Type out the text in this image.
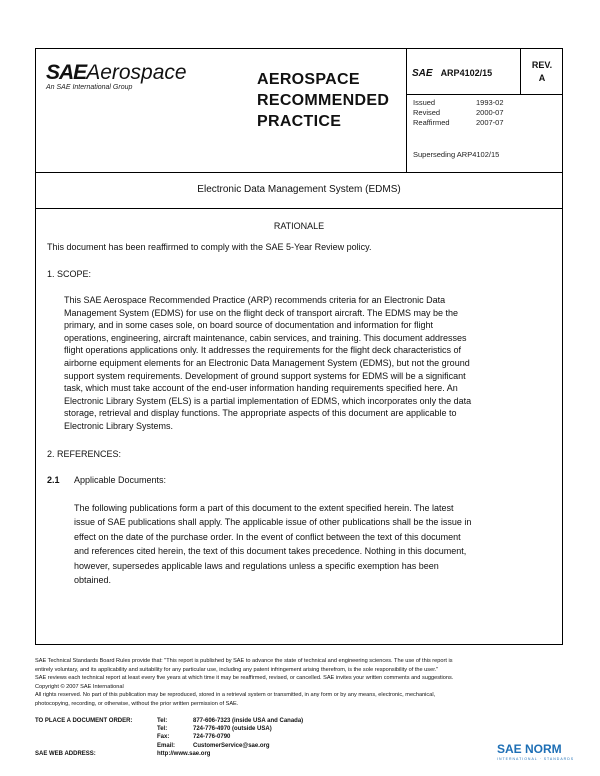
SAEAerospace
An SAE International Group	AEROSPACE
RECOMMENDED
PRACTICE
SAE ARP4102/15
REV.
A
Issued	1993-02
Revised	2000-07
Reaffirmed	2007-07
Superseding ARP4102/15
Electronic Data Management System (EDMS)
RATIONALE
This document has been reaffirmed to comply with the SAE 5-Year Review policy.
1. SCOPE:
This SAE Aerospace Recommended Practice (ARP) recommends criteria for an Electronic Data
Management System (EDMS) for use on the flight deck of transport aircraft. The EDMS may be the
primary, and in some cases sole, on board source of documentation and information for flight
operations, engineering, aircraft maintenance, cabin services, and training. This document addresses
flight operations applications only. It addresses the requirements for the flight deck characteristics of
airborne equipment elements for an Electronic Data Management System (EDMS), but not the ground
support system requirements. Development of ground support systems for EDMS will be a significant
task, which must take account of the end-user information handing requirements specified here. An
Electronic Library System (ELS) is a partial implementation of EDMS, which incorporates only the data
storage, retrieval and display functions. The appropriate aspects of this document are applicable to
Electronic Library Systems.
2. REFERENCES:
2.1 Applicable Documents:
The following publications form a part of this document to the extent specified herein. The latest
issue of SAE publications shall apply. The applicable issue of other publications shall be the issue in
effect on the date of the purchase order. In the event of conflict between the text of this document
and references cited herein, the text of this document takes precedence. Nothing in this document,
however, supersedes applicable laws and regulations unless a specific exemption has been
obtained.
SAE Technical Standards Board Rules provide that: "This report is published by SAE to advance the state of technical and engineering sciences. The use of this report is
entirely voluntary, and its applicability and suitability for any particular use, including any patent infringement arising therefrom, is the sole responsibility of the user."
SAE reviews each technical report at least every five years at which time it may be reaffirmed, revised, or cancelled. SAE invites your written comments and suggestions.
Copyright © 2007 SAE International
All rights reserved. No part of this publication may be reproduced, stored in a retrieval system or transmitted, in any form or by any means, electronic, mechanical,
photocopying, recording, or otherwise, without the prior written permission of SAE.
TO PLACE A DOCUMENT ORDER:	Tel:	877-606-7323 (inside USA and Canada)
Tel:	724-776-4970 (outside USA)
Fax:	724-776-0790
Email:	CustomerService@sae.org
SAE WEB ADDRESS:	http://www.sae.org	SAE NORM
INTERNATIONAL · STANDARDS
